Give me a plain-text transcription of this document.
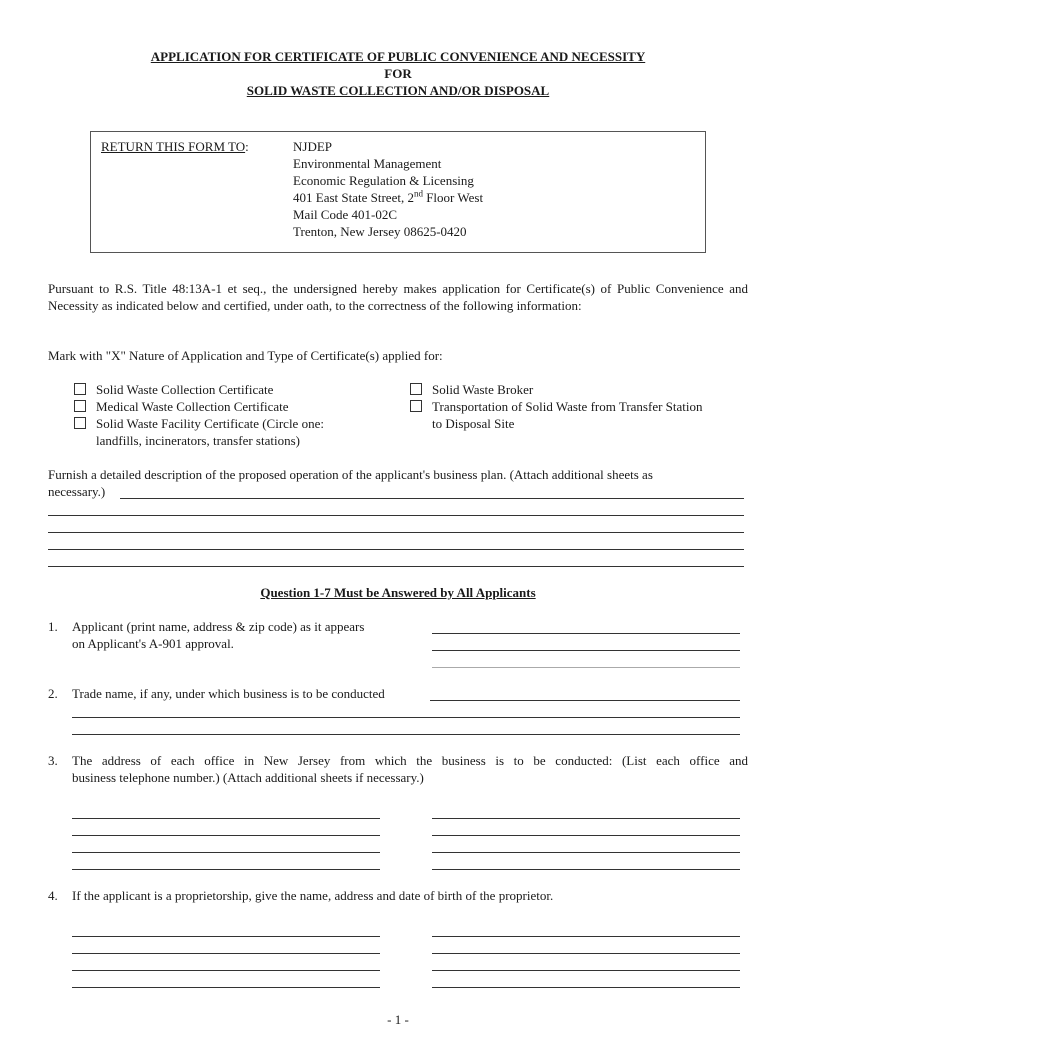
APPLICATION FOR CERTIFICATE OF PUBLIC CONVENIENCE AND NECESSITY
FOR
SOLID WASTE COLLECTION AND/OR DISPOSAL
RETURN THIS FORM TO:	NJDEP
Environmental Management
Economic Regulation & Licensing
401 East State Street, 2nd Floor West
Mail Code 401-02C
Trenton, New Jersey 08625-0420
Pursuant to R.S. Title 48:13A-1 et seq., the undersigned hereby makes application for Certificate(s) of Public Convenience and Necessity as indicated below and certified, under oath, to the correctness of the following information:
Mark with "X" Nature of Application and Type of Certificate(s) applied for:
Solid Waste Collection Certificate
Medical Waste Collection Certificate
Solid Waste Facility Certificate (Circle one:
landfills, incinerators, transfer stations)
Solid Waste Broker
Transportation of Solid Waste from Transfer Station
to Disposal Site
Furnish a detailed description of the proposed operation of the applicant's business plan. (Attach additional sheets as
necessary.)
Question 1-7 Must be Answered by All Applicants
1. Applicant (print name, address & zip code) as it appears
on Applicant's A-901 approval.
2. Trade name, if any, under which business is to be conducted
3. The address of each office in New Jersey from which the business is to be conducted: (List each office and
business telephone number.) (Attach additional sheets if necessary.)
4. If the applicant is a proprietorship, give the name, address and date of birth of the proprietor.
- 1 -
